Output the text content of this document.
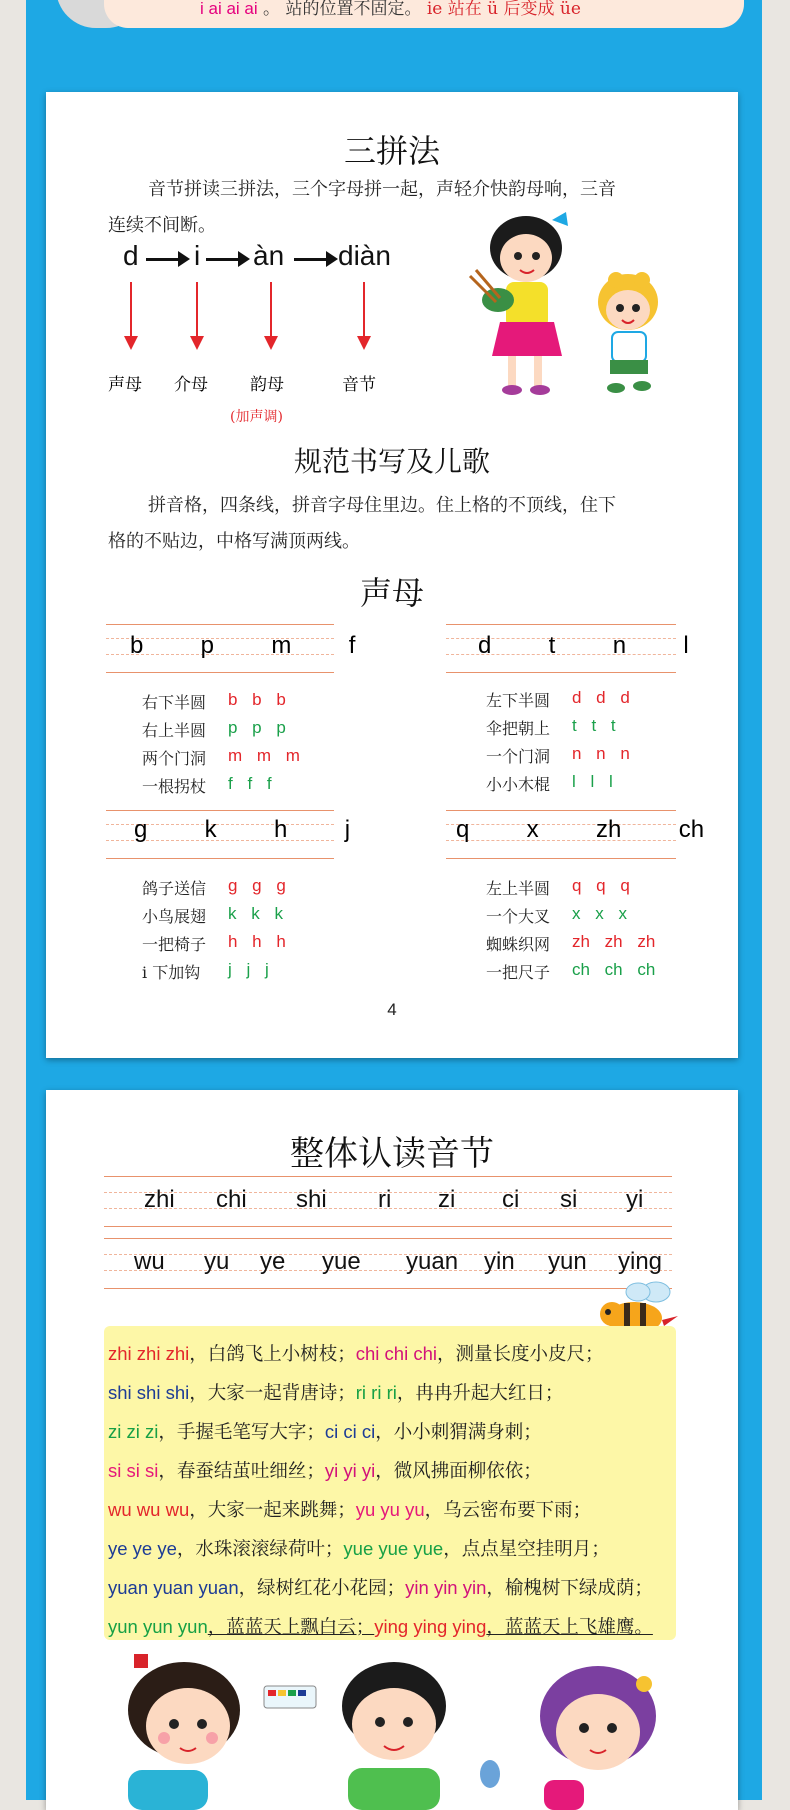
i ai ai ai 。 站的位置不固定。 ie 站在 ü 后变成 üe
三拼法
音节拼读三拼法，三个字母拼一起，声轻介快韵母响，三音
连续不间断。
d i àn diàn
声母 介母 韵母	音节
(加声调)
规范书写及儿歌
拼音格，四条线，拼音字母住里边。住上格的不顶线，住下
格的不贴边，中格写满顶两线。
声母
b  p  m  f
右下半圆 b b b
右上半圆 p p p
两个门洞 m m m
一根拐杖 f f f
d  t  n  l
左下半圆 d d d
伞把朝上 t t t
一个门洞 n n n
小小木棍 l l l
g  k  h  j
鸽子送信 g g g
小鸟展翅 k k k
一把椅子 h h h
i 下加钩 j j j
q  x  zh  ch
左上半圆 q q q
一个大叉 x x x
蜘蛛织网 zh zh zh
一把尺子 ch ch ch
4
整体认读音节
zhi chi shi ri zi ci si yi
wu yu ye yue yuan yin yun ying
zhi zhi zhi，白鸽飞上小树枝；chi chi chi，测量长度小皮尺；
shi shi shi，大家一起背唐诗；ri ri ri，冉冉升起大红日；
zi zi zi，手握毛笔写大字；ci ci ci，小小刺猬满身刺；
si si si，春蚕结茧吐细丝；yi yi yi，微风拂面柳依依；
wu wu wu，大家一起来跳舞；yu yu yu，乌云密布要下雨；
ye ye ye，水珠滚滚绿荷叶；yue yue yue，点点星空挂明月；
yuan yuan yuan，绿树红花小花园；yin yin yin，榆槐树下绿成荫；
yun yun yun，蓝蓝天上飘白云；ying ying ying，蓝蓝天上飞雄鹰。
